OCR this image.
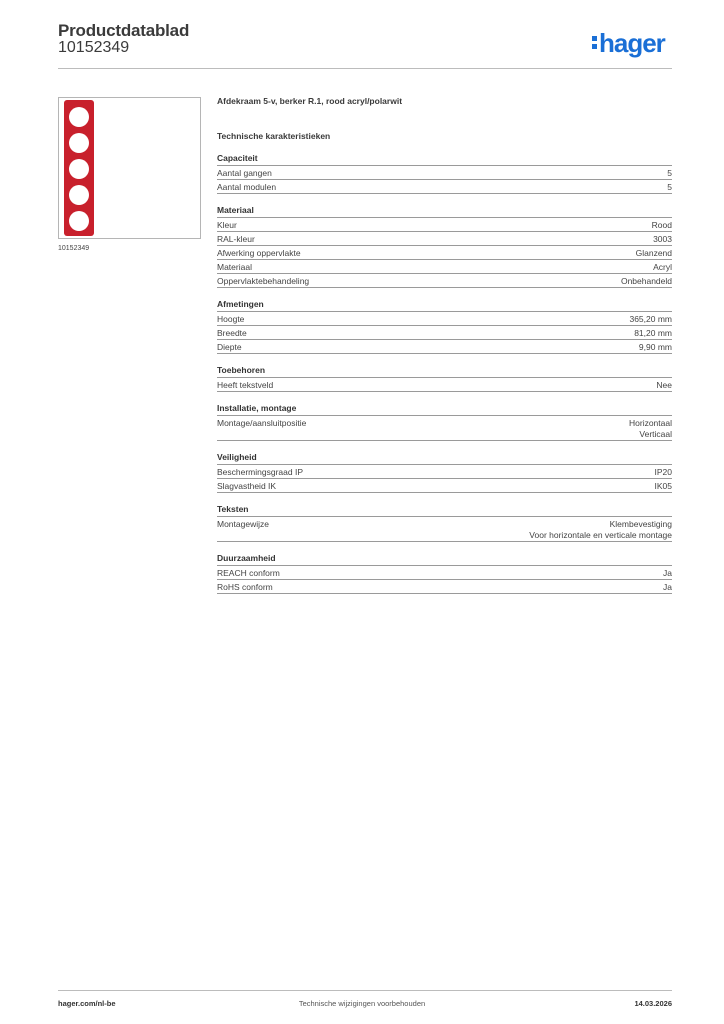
Productdatablad
10152349	hager
10152349
Afdekraam 5-v, berker R.1, rood acryl/polarwit
Technische karakteristieken
Capaciteit
Aantal gangen	5
Aantal modulen	5
Materiaal
Kleur	Rood
RAL-kleur	3003
Afwerking oppervlakte	Glanzend
Materiaal	Acryl
Oppervlaktebehandeling	Onbehandeld
Afmetingen
Hoogte	365,20 mm
Breedte	81,20 mm
Diepte	9,90 mm
Toebehoren
Heeft tekstveld	Nee
Installatie, montage
Montage/aansluitpositie	Horizontaal
Verticaal
Veiligheid
Beschermingsgraad IP	IP20
Slagvastheid IK	IK05
Teksten
Montagewijze	Klembevestiging
Voor horizontale en verticale montage
Duurzaamheid
REACH conform	Ja
RoHS conform	Ja
hager.com/nl-be	Technische wijzigingen voorbehouden	14.03.2026
